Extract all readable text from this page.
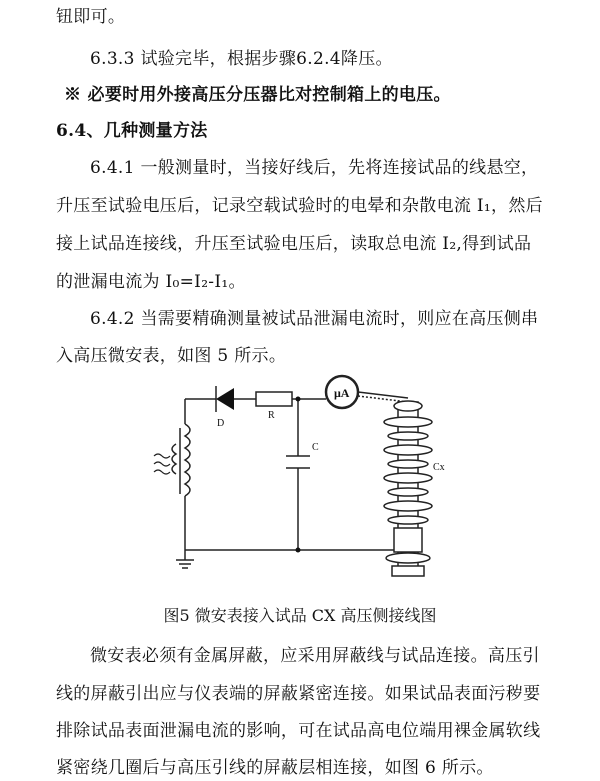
钮即可。
6.3.3 试验完毕，根据步骤6.2.4降压。
※ 必要时用外接高压分压器比对控制箱上的电压。
6.4、几种测量方法
6.4.1 一般测量时，当接好线后，先将连接试品的线悬空，
升压至试验电压后，记录空载试验时的电晕和杂散电流 I₁，然后
接上试品连接线，升压至试验电压后，读取总电流 I₂,得到试品
的泄漏电流为 I₀=I₂-I₁。
6.4.2 当需要精确测量被试品泄漏电流时，则应在高压侧串
入高压微安表，如图 5 所示。
D
R
C
Cx
μA
图5 微安表接入试品 CX 高压侧接线图
微安表必须有金属屏蔽，应采用屏蔽线与试品连接。高压引
线的屏蔽引出应与仪表端的屏蔽紧密连接。如果试品表面污秽要
排除试品表面泄漏电流的影响，可在试品高电位端用裸金属软线
紧密绕几圈后与高压引线的屏蔽层相连接，如图 6 所示。
